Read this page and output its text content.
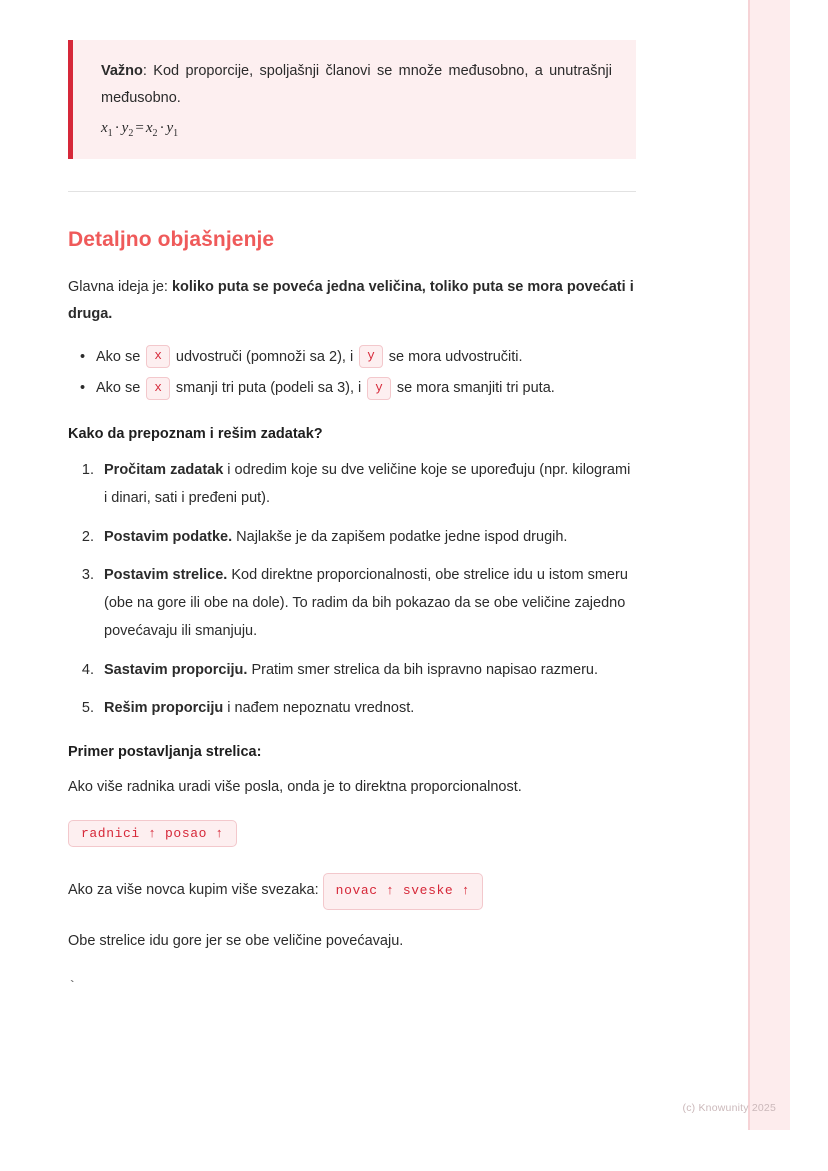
Važno: Kod proporcije, spoljašnji članovi se množe međusobno, a unutrašnji međusobno.

$x_1 \cdot y_2 = x_2 \cdot y_1$
Detaljno objašnjenje

Glavna ideja je: koliko puta se poveća jedna veličina, toliko puta se mora povećati i druga.

• Ako se x udvostruči (pomnoži sa 2), i y se mora udvostručiti.
• Ako se x smanji tri puta (podeli sa 3), i y se mora smanjiti tri puta.
Kako da prepoznam i rešim zadatak?
1. Pročitam zadatak i odredim koje su dve veličine koje se upoređuju (npr. kilogrami i dinari, sati i pređeni put).
2. Postavim podatke. Najlakše je da zapišem podatke jedne ispod drugih.
3. Postavim strelice. Kod direktne proporcionalnosti, obe strelice idu u istom smeru (obe na gore ili obe na dole). To radim da bih pokazao da se obe veličine zajedno povećavaju ili smanjuju.
4. Sastavim proporciju. Pratim smer strelica da bih ispravno napisao razmeru.
5. Rešim proporciju i nađem nepoznatu vrednost.
Primer postavljanja strelica:

Ako više radnika uradi više posla, onda je to direktna proporcionalnost.

radnici ↑ posao ↑

Ako za više novca kupim više svezaka: novac ↑ sveske ↑

Obe strelice idu gore jer se obe veličine povećavaju.

`
(c) Knowunity 2025
